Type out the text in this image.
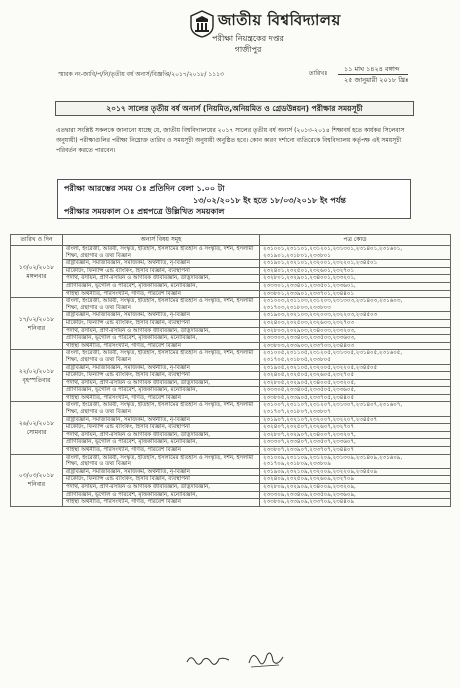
জাতীয় বিশ্ববিদ্যালয়
পরীক্ষা নিয়ন্ত্রকের দপ্তর
গাজীপুর
স্মারক নং-জাবি/প/নি/তৃতীয় বর্ষ অনার্স/বিজ্ঞপ্তি/২০১৭/২০১৮/ ১১১৩	তারিখঃ
১১ মাঘ ১৪২৪ বঙ্গাব্দ
২৫ জানুয়ারী ২০১৮ খ্রিঃ
২০১৭ সালের তৃতীয় বর্ষ অনার্স (নিয়মিত,অনিয়মিত ও গ্রেডউন্নয়ন) পরীক্ষার সময়সূচী
এতদ্বারা সংশ্লিষ্ট সকলকে জানানো যাচ্ছে যে, জাতীয় বিশ্ববিদ্যালয়ের ২০১৭ সালের তৃতীয় বর্ষ অনার্স (২০১৩-২০১৪ শিক্ষাবর্ষ হতে কার্যকর সিলেবাস অনুযায়ী) পরীক্ষাগুলির পরীক্ষা নিম্নোক্ত তারিখ ও সময়সূচী অনুযায়ী অনুষ্ঠিত হবে। কোন কারণ দর্শানো ব্যতিরেকে বিশ্ববিদ্যালয় কর্তৃপক্ষ এই সময়সূচী পরিবর্তন করতে পারবেন।
পরীক্ষা আরম্ভের সময় ঃ প্রতিদিন বেলা ১.০০ টা
১৩/০২/২০১৮ ইং হতে ১৮/০৩/২০১৮ ইং পর্যন্ত
পরীক্ষার সময়কাল ঃ প্রশ্নপত্রে উল্লিখিত সময়কাল
তারিখ ও দিন	অনার্স বিষয় সমূহ	পত্র কোড

১৩/০২/২০১৮
মঙ্গলবার	বাংলা, ইংরেজী, আরবী, সংস্কৃত, ইতিহাস, ইসলামের ইতিহাস ও সংস্কৃতি, দর্শন, ইসলামী শিক্ষা, গ্রন্থাগার ও তথ্য বিজ্ঞান	২৩১০০১,২৩১১০১,২৩১২০১,২৩১৩০১,২৩১৪০১,২৩১৬০১, ২৩১৯০১,২৩১৮০১,২৩৩৮০১
	রাষ্ট্রবিজ্ঞান, সমাজবিজ্ঞান, সমাজকর্ম, অর্থনীতি, নৃ-বিজ্ঞান	২৩১৯০১,২৩২১০১,২৩২০০১,২৩২২০১,২৩৪৫০১
	মার্কেটিং, ফিন্যান্স এন্ড ব্যাংকিং, হিসাব বিজ্ঞান, ব্যবস্থাপনা	২৩২৪০১,২৩২৫০১,২৩২৬০১,২৩২৭০১
	পদার্থ, রসায়ন, প্রাণ-রসায়ন ও আণবিক জীববিজ্ঞান, উদ্ভিদবিজ্ঞান,	২৩২৮০১,২৩২৯০১,২৩৪০০১,২৩৩২০১,
	প্রাণিবিজ্ঞান, ভূগোল ও পরিবেশ, মৃত্তিকাবিজ্ঞান, মনোবিজ্ঞান,	২৩৩৩০১,২৩৩৪০১,২৩৩৫০১,২৩৩৬০১,
	গার্হস্থ্য অর্থনীতি, পরিসংখ্যান, গণিত, পরিবেশ বিজ্ঞান	২৩৩৮০১,২৩৩৯০১,২৩৩৭০১,২৩৪৪০১

১৭/০২/২০১৮
শনিবার	বাংলা, ইংরেজী, আরবী, সংস্কৃত, ইতিহাস, ইসলামের ইতিহাস ও সংস্কৃতি, দর্শন, ইসলামী শিক্ষা, গ্রন্থাগার ও তথ্য বিজ্ঞান	২৩১০০৩,২৩১১০৩,২৩১২০৩,২৩১৩০৩,২৩১৪০৩,২৩১৬০৩, ২৩১৭০৩,২৩১৮০৩,২৩৩৮০৩
	রাষ্ট্রবিজ্ঞান, সমাজবিজ্ঞান, সমাজকর্ম, অর্থনীতি, নৃ-বিজ্ঞান	২৩১৯০৩,২৩২১০৩,২৩২০০৩,২৩২২০৩,২৩৪৫০৩
	মার্কেটিং, ফিন্যান্স এন্ড ব্যাংকিং, হিসাব বিজ্ঞান, ব্যবস্থাপনা	২৩২৪০৩,২৩২৫০৩,২৩২৬০৩,২৩২৭০৩
	পদার্থ, রসায়ন, প্রাণ-রসায়ন ও আণবিক জীববিজ্ঞান, উদ্ভিদবিজ্ঞান,	২৩২৮০৩,২৩২৯০৩,২৩৪০০৩,২৩৩২০৩,
	প্রাণিবিজ্ঞান, ভূগোল ও পরিবেশ, মৃত্তিকাবিজ্ঞান, মনোবিজ্ঞান,	২৩৩৩০৩,২৩৩৪০৩,২৩৩৫০৩,২৩৩৬০৩,
	গার্হস্থ্য অর্থনীতি, পরিসংখ্যান, গণিত, পরিবেশ বিজ্ঞান	২৩৩৮০৩,২৩৩৯০৩,২৩৩৭০৩,২৩৪৪০৩

২২/০২/২০১৮
বৃহস্পতিবার	বাংলা, ইংরেজী, আরবী, সংস্কৃত, ইতিহাস, ইসলামের ইতিহাস ও সংস্কৃতি, দর্শন, ইসলামী শিক্ষা, গ্রন্থাগার ও তথ্য বিজ্ঞান	২৩১০০৫,২৩১১০৫,২৩১২০৫,২৩১৩০৫,২৩১৪০৫,২৩১৬০৫, ২৩১৭০৫,২৩১৮০৫,২৩৩৮০৫
	রাষ্ট্রবিজ্ঞান, সমাজবিজ্ঞান, সমাজকর্ম, অর্থনীতি, নৃ-বিজ্ঞান	২৩১৯০৫,২৩২১০৫,২৩২০০৫,২৩২২০৫,২৩৪৫০৫
	মার্কেটিং, ফিন্যান্স এন্ড ব্যাংকিং, হিসাব বিজ্ঞান, ব্যবস্থাপনা	২৩২৪০৫,২৩২৫০৫,২৩২৬০৫,২৩২৭০৫
	পদার্থ, রসায়ন, প্রাণ-রসায়ন ও আণবিক জীববিজ্ঞান, উদ্ভিদবিজ্ঞান,	২৩২৮০৫,২৩২৯০৫,২৩৪০০৫,২৩৩২০৫,
	প্রাণিবিজ্ঞান, ভূগোল ও পরিবেশ, মৃত্তিকাবিজ্ঞান, মনোবিজ্ঞান,	২৩৩৩০৫,২৩৩৪০৫,২৩৩৫০৫,২৩৩৬০৫,
	গার্হস্থ্য অর্থনীতি, পরিসংখ্যান, গণিত, পরিবেশ বিজ্ঞান	২৩৩৮০৫,২৩৩৯০৫,২৩৩৭০৫,২৩৪৪০৫

২৬/০২/২০১৮
সোমবার	বাংলা, ইংরেজী, আরবী, সংস্কৃত, ইতিহাস, ইসলামের ইতিহাস ও সংস্কৃতি, দর্শন, ইসলামী শিক্ষা, গ্রন্থাগার ও তথ্য বিজ্ঞান	২৩১০০৭,২৩১১০৭,২৩১২০৭,২৩১৩০৭,২৩১৪০৭,২৩১৬০৭, ২৩১৭০৭,২৩১৮০৭,২৩৩৮০৭
	রাষ্ট্রবিজ্ঞান, সমাজবিজ্ঞান, সমাজকর্ম, অর্থনীতি, নৃ-বিজ্ঞান	২৩১৯০৭,২৩২১০৭,২৩২০০৭,২৩২২০৭,২৩৪৫০৭
	মার্কেটিং, ফিন্যান্স এন্ড ব্যাংকিং, হিসাব বিজ্ঞান, ব্যবস্থাপনা	২৩২৪০৭,২৩২৫০৭,২৩২৬০৭,২৩২৭০৭
	পদার্থ, রসায়ন, প্রাণ-রসায়ন ও আণবিক জীববিজ্ঞান, উদ্ভিদবিজ্ঞান,	২৩২৮০৭,২৩২৯০৭,২৩৪০০৭,২৩৩২০৭,
	প্রাণিবিজ্ঞান, ভূগোল ও পরিবেশ, মৃত্তিকাবিজ্ঞান, মনোবিজ্ঞান,	২৩৩৩০৭,২৩৩৪০৭,২৩৩৫০৭,২৩৩৬০৭,
	গার্হস্থ্য অর্থনীতি, পরিসংখ্যান, গণিত, পরিবেশ বিজ্ঞান	২৩৩৮০৭,২৩৩৯০৭,২৩৩৭০৭,২৩৪৪০৭

০৩/০৩/২০১৮
শনিবার	বাংলা, ইংরেজী, আরবী, সংস্কৃত, ইতিহাস, ইসলামের ইতিহাস ও সংস্কৃতি, দর্শন, ইসলামী শিক্ষা, গ্রন্থাগার ও তথ্য বিজ্ঞান	২৩১০০৯,২৩১১০৯,২৩১২০৯,২৩১৩০৯,২৩১৪০৯,২৩১৬০৯, ২৩১৭০৯,২৩১৮০৯,২৩৩৮০৯
	রাষ্ট্রবিজ্ঞান, সমাজবিজ্ঞান, সমাজকর্ম, অর্থনীতি, নৃ-বিজ্ঞান	২৩১৯০৯,২৩২১০৯,২৩২০০৯,২৩২২০৯,২৩৪৫০৯
	মার্কেটিং, ফিন্যান্স এন্ড ব্যাংকিং, হিসাব বিজ্ঞান, ব্যবস্থাপনা	২৩২৪০৯,২৩২৫০৯,২৩২৬০৯,২৩২৭০৯
	পদার্থ, রসায়ন, প্রাণ-রসায়ন ও আণবিক জীববিজ্ঞান, উদ্ভিদবিজ্ঞান,	২৩২৮০৯,২৩২৯০৯,২৩৪০০৯,২৩৩২০৯,
	প্রাণিবিজ্ঞান, ভূগোল ও পরিবেশ, মৃত্তিকাবিজ্ঞান, মনোবিজ্ঞান,	২৩৩৩০৯,২৩৩৪০৯,২৩৩৫০৯,২৩৩৬০৯,
	গার্হস্থ্য অর্থনীতি, পরিসংখ্যান, গণিত, পরিবেশ বিজ্ঞান	২৩৩৮০৯,২৩৩৯০৯,২৩৩৭০৯,২৩৪৪০৯
